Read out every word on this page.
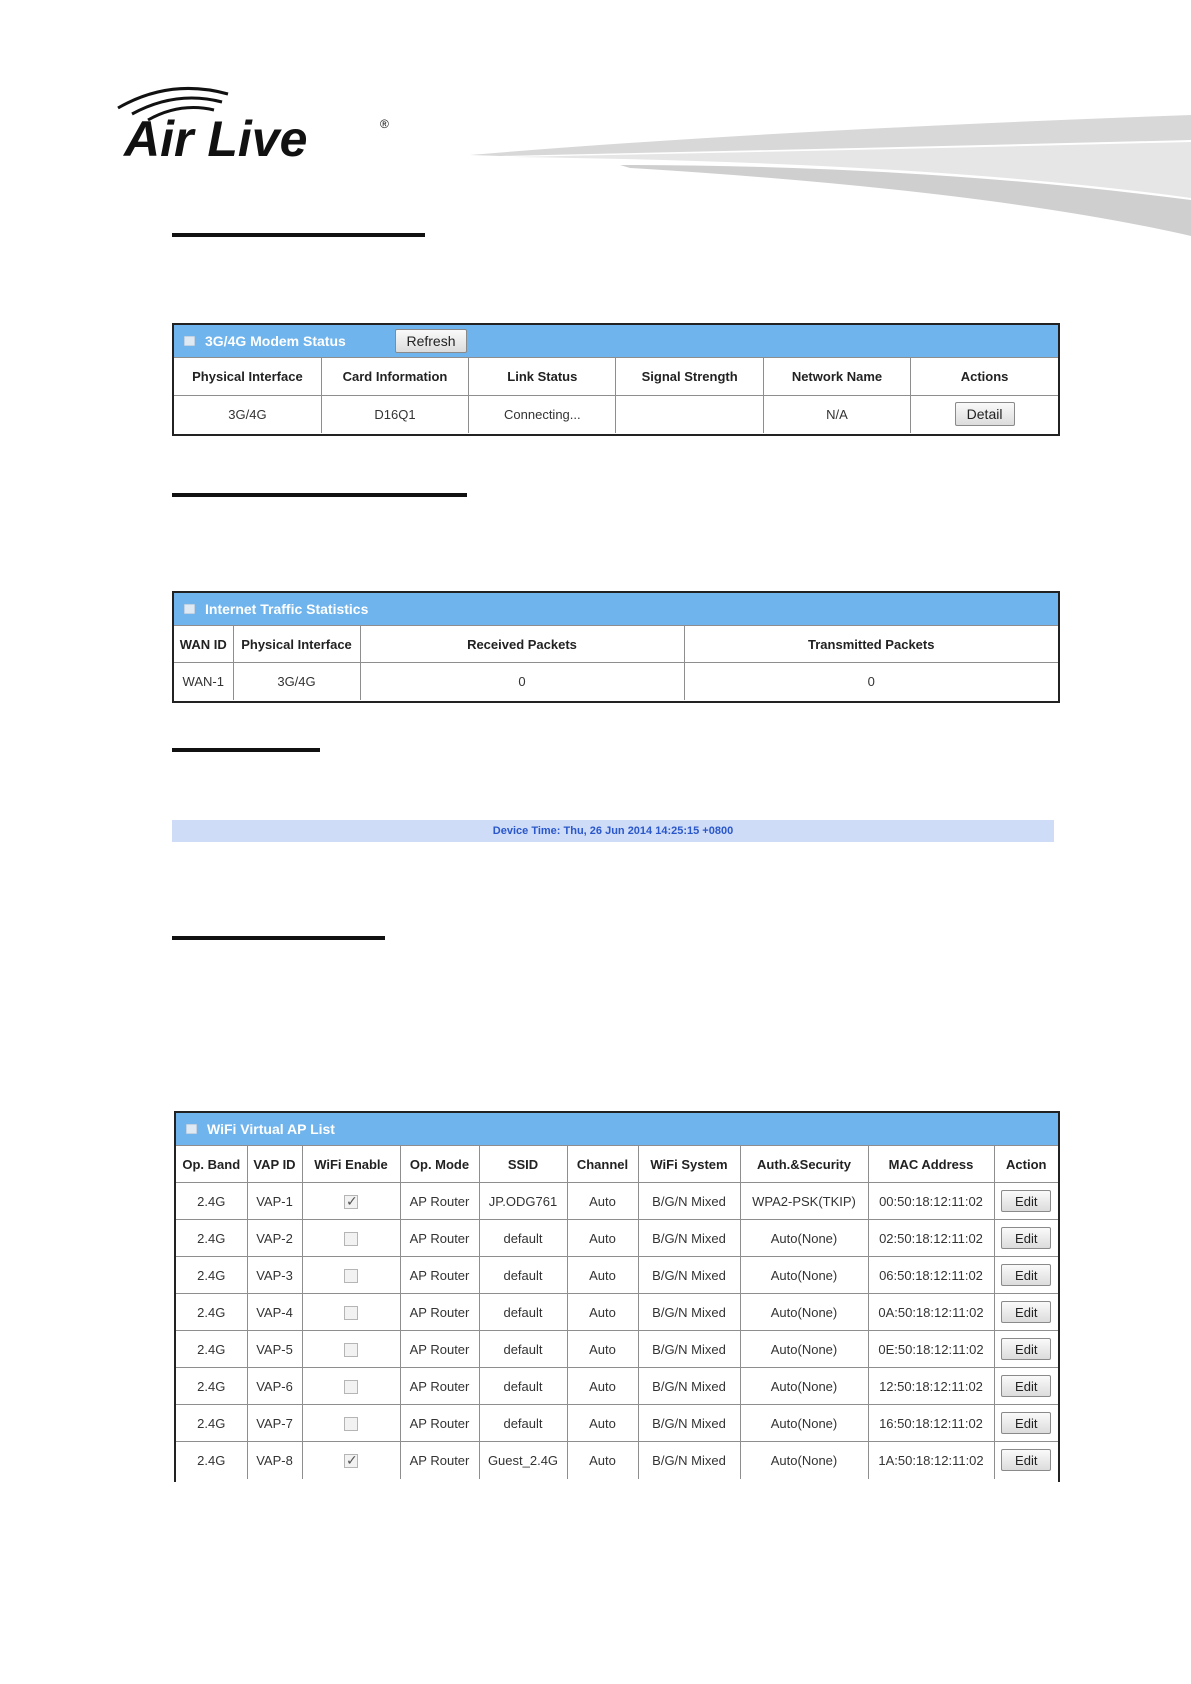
Air Live	®
3G/4G Modem Status	Refresh
Physical Interface	Card Information	Link Status	Signal Strength	Network Name	Actions
3G/4G	D16Q1	Connecting...		N/A	Detail
Internet Traffic Statistics
WAN ID	Physical Interface	Received Packets	Transmitted Packets
WAN-1	3G/4G	0	0
Device Time: Thu, 26 Jun 2014 14:25:15 +0800
WiFi Virtual AP List
Op. Band	VAP ID	WiFi Enable	Op. Mode	SSID	Channel	WiFi System	Auth.&Security	MAC Address	Action
2.4G	VAP-1	✓	AP Router	JP.ODG761	Auto	B/G/N Mixed	WPA2-PSK(TKIP)	00:50:18:12:11:02	Edit
2.4G	VAP-2		AP Router	default	Auto	B/G/N Mixed	Auto(None)	02:50:18:12:11:02	Edit
2.4G	VAP-3		AP Router	default	Auto	B/G/N Mixed	Auto(None)	06:50:18:12:11:02	Edit
2.4G	VAP-4		AP Router	default	Auto	B/G/N Mixed	Auto(None)	0A:50:18:12:11:02	Edit
2.4G	VAP-5		AP Router	default	Auto	B/G/N Mixed	Auto(None)	0E:50:18:12:11:02	Edit
2.4G	VAP-6		AP Router	default	Auto	B/G/N Mixed	Auto(None)	12:50:18:12:11:02	Edit
2.4G	VAP-7		AP Router	default	Auto	B/G/N Mixed	Auto(None)	16:50:18:12:11:02	Edit
2.4G	VAP-8	✓	AP Router	Guest_2.4G	Auto	B/G/N Mixed	Auto(None)	1A:50:18:12:11:02	Edit
